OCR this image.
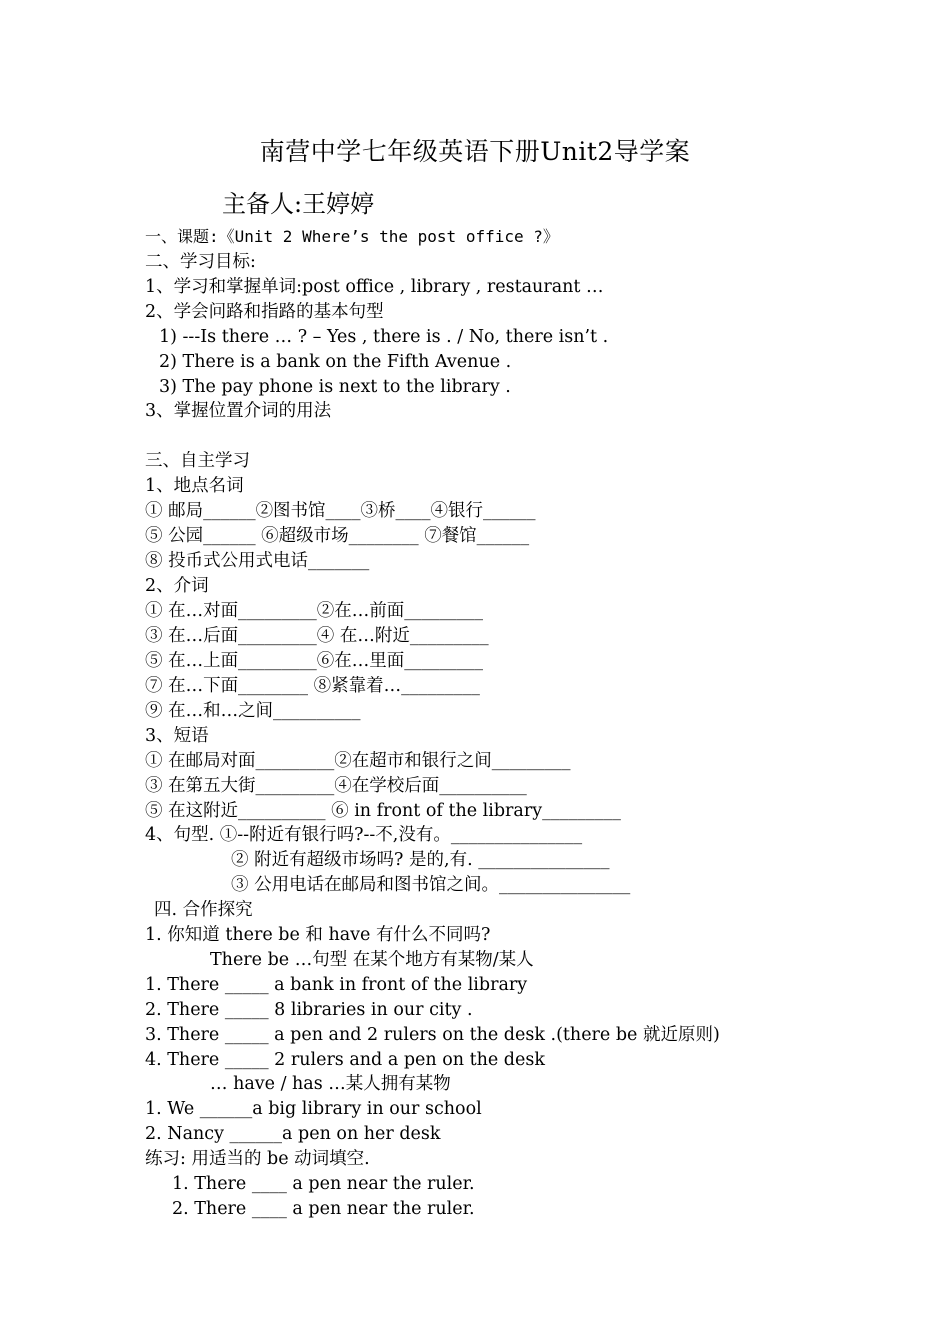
南营中学七年级英语下册Unit2导学案
主备人:王婷婷
一、课题:《Unit 2 Where’s the post office ?》
二、学习目标:
1、学习和掌握单词:post office , library , restaurant …
2、学会问路和指路的基本句型
1) ---Is there … ? – Yes , there is . / No, there isn’t .
2) There is a bank on the Fifth Avenue .
3) The pay phone is next to the library .
3、掌握位置介词的用法
三、自主学习
1、地点名词
① 邮局______②图书馆____③桥____④银行______
⑤ 公园______ ⑥超级市场________ ⑦餐馆______
⑧ 投币式公用式电话_______
2、介词
① 在…对面_________②在…前面_________
③ 在…后面_________④ 在…附近_________
⑤ 在…上面_________⑥在…里面_________
⑦ 在…下面________ ⑧紧靠着…_________
⑨ 在…和…之间__________
3、短语
① 在邮局对面_________②在超市和银行之间_________
③ 在第五大街_________④在学校后面__________
⑤ 在这附近__________ ⑥ in front of the library_________
4、句型. ①--附近有银行吗?--不,没有。_______________
② 附近有超级市场吗? 是的,有. _______________
③ 公用电话在邮局和图书馆之间。_______________
四. 合作探究
1. 你知道 there be 和 have 有什么不同吗?
There be …句型 在某个地方有某物/某人
1. There _____ a bank in front of the library
2. There _____ 8 libraries in our city .
3. There _____ a pen and 2 rulers on the desk .(there be 就近原则)
4. There _____ 2 rulers and a pen on the desk
… have / has …某人拥有某物
1. We ______a big library in our school
2. Nancy ______a pen on her desk
练习: 用适当的 be 动词填空.
1. There ____ a pen near the ruler.
2. There ____ a pen near the ruler.
